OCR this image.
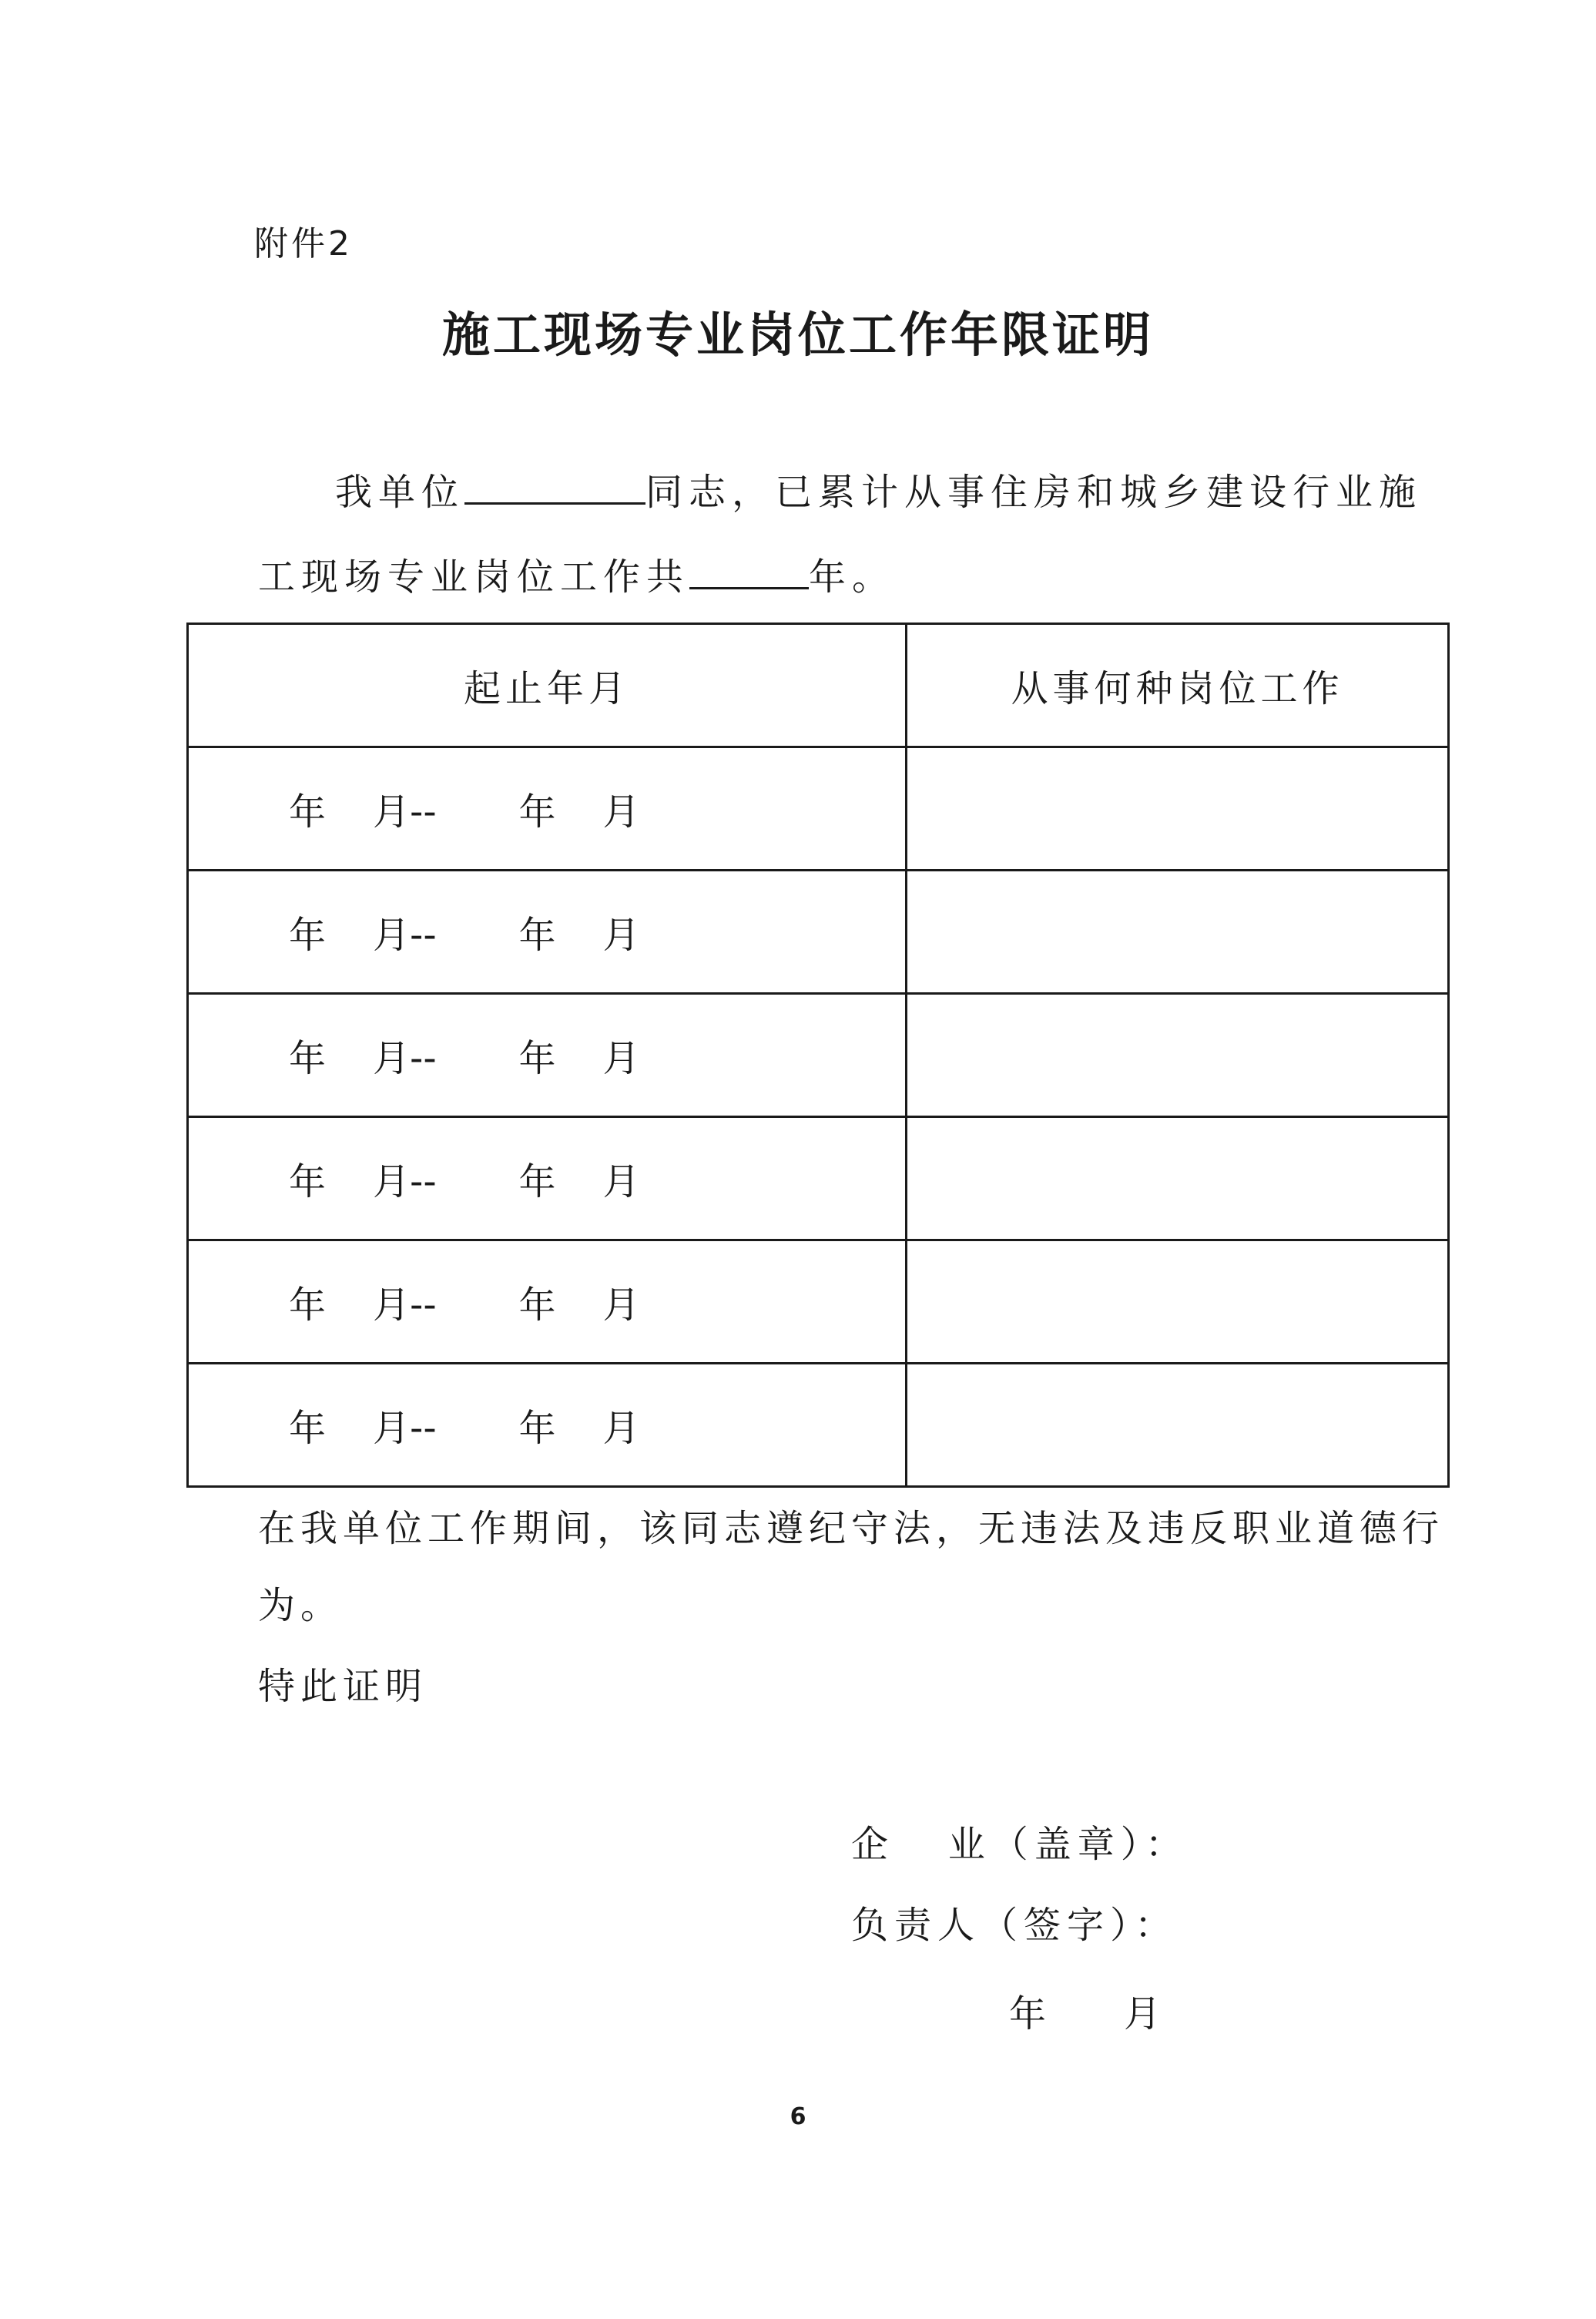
附件2
施工现场专业岗位工作年限证明
我单位	同志，已累计从事住房和城乡建设行业施
工现场专业岗位工作共	年。
起止年月	从事何种岗位工作
年    月--       年    月	
年    月--       年    月	
年    月--       年    月	
年    月--       年    月	
年    月--       年    月	
年    月--       年    月	
在我单位工作期间，该同志遵纪守法，无违法及违反职业道德行
为。
特此证明
企   业（盖章）：
负责人（签字）：
年    月
6
